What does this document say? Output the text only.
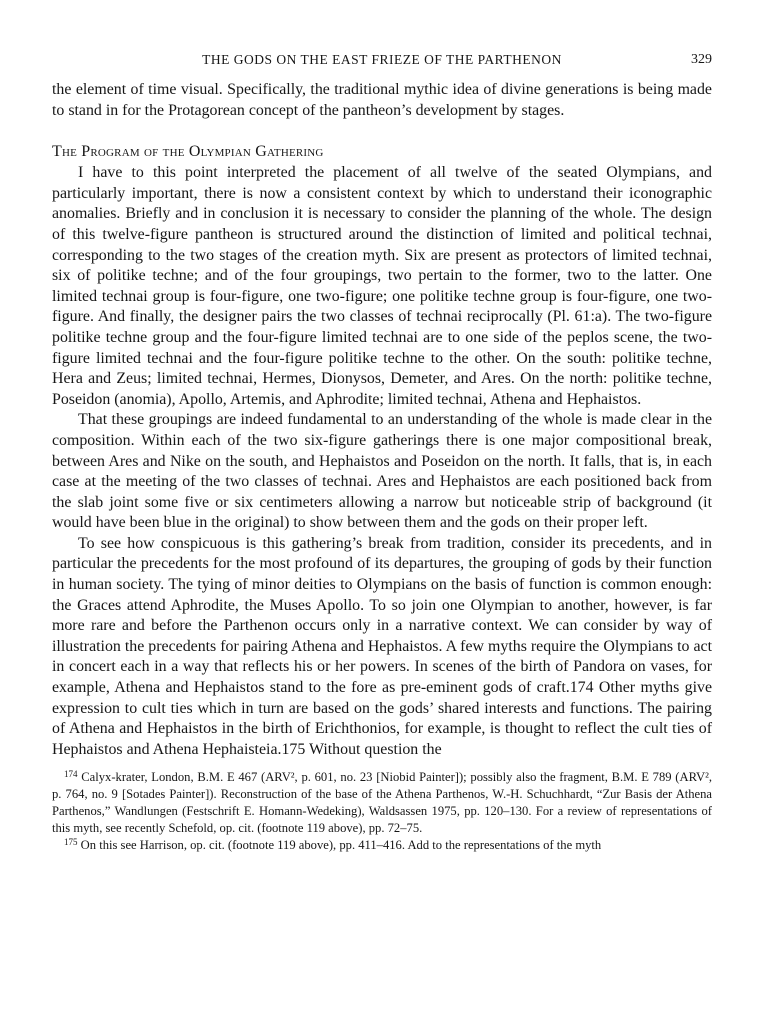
THE GODS ON THE EAST FRIEZE OF THE PARTHENON	329

the element of time visual. Specifically, the traditional mythic idea of divine generations is being made to stand in for the Protagorean concept of the pantheon’s development by stages.

The Program of the Olympian Gathering

I have to this point interpreted the placement of all twelve of the seated Olympians, and particularly important, there is now a consistent context by which to understand their iconographic anomalies. Briefly and in conclusion it is necessary to consider the planning of the whole. The design of this twelve-figure pantheon is structured around the distinction of limited and political technai, corresponding to the two stages of the creation myth. Six are present as protectors of limited technai, six of politike techne; and of the four groupings, two pertain to the former, two to the latter. One limited technai group is four-figure, one two-figure; one politike techne group is four-figure, one two-figure. And finally, the designer pairs the two classes of technai reciprocally (Pl. 61:a). The two-figure politike techne group and the four-figure limited technai are to one side of the peplos scene, the two-figure limited technai and the four-figure politike techne to the other. On the south: politike techne, Hera and Zeus; limited technai, Hermes, Dionysos, Demeter, and Ares. On the north: politike techne, Poseidon (anomia), Apollo, Artemis, and Aphrodite; limited technai, Athena and Hephaistos.

That these groupings are indeed fundamental to an understanding of the whole is made clear in the composition. Within each of the two six-figure gatherings there is one major compositional break, between Ares and Nike on the south, and Hephaistos and Poseidon on the north. It falls, that is, in each case at the meeting of the two classes of technai. Ares and Hephaistos are each positioned back from the slab joint some five or six centimeters allowing a narrow but noticeable strip of background (it would have been blue in the original) to show between them and the gods on their proper left.

To see how conspicuous is this gathering’s break from tradition, consider its precedents, and in particular the precedents for the most profound of its departures, the grouping of gods by their function in human society. The tying of minor deities to Olympians on the basis of function is common enough: the Graces attend Aphrodite, the Muses Apollo. To so join one Olympian to another, however, is far more rare and before the Parthenon occurs only in a narrative context. We can consider by way of illustration the precedents for pairing Athena and Hephaistos. A few myths require the Olympians to act in concert each in a way that reflects his or her powers. In scenes of the birth of Pandora on vases, for example, Athena and Hephaistos stand to the fore as pre-eminent gods of craft.174 Other myths give expression to cult ties which in turn are based on the gods’ shared interests and functions. The pairing of Athena and Hephaistos in the birth of Erichthonios, for example, is thought to reflect the cult ties of Hephaistos and Athena Hephaisteia.175 Without question the

$^{174}$ Calyx-krater, London, B.M. E 467 (ARV², p. 601, no. 23 [Niobid Painter]); possibly also the fragment, B.M. E 789 (ARV², p. 764, no. 9 [Sotades Painter]). Reconstruction of the base of the Athena Parthenos, W.-H. Schuchhardt, “Zur Basis der Athena Parthenos,” Wandlungen (Festschrift E. Homann-Wedeking), Waldsassen 1975, pp. 120–130. For a review of representations of this myth, see recently Schefold, op. cit. (footnote 119 above), pp. 72–75.

$^{175}$ On this see Harrison, op. cit. (footnote 119 above), pp. 411–416. Add to the representations of the myth
